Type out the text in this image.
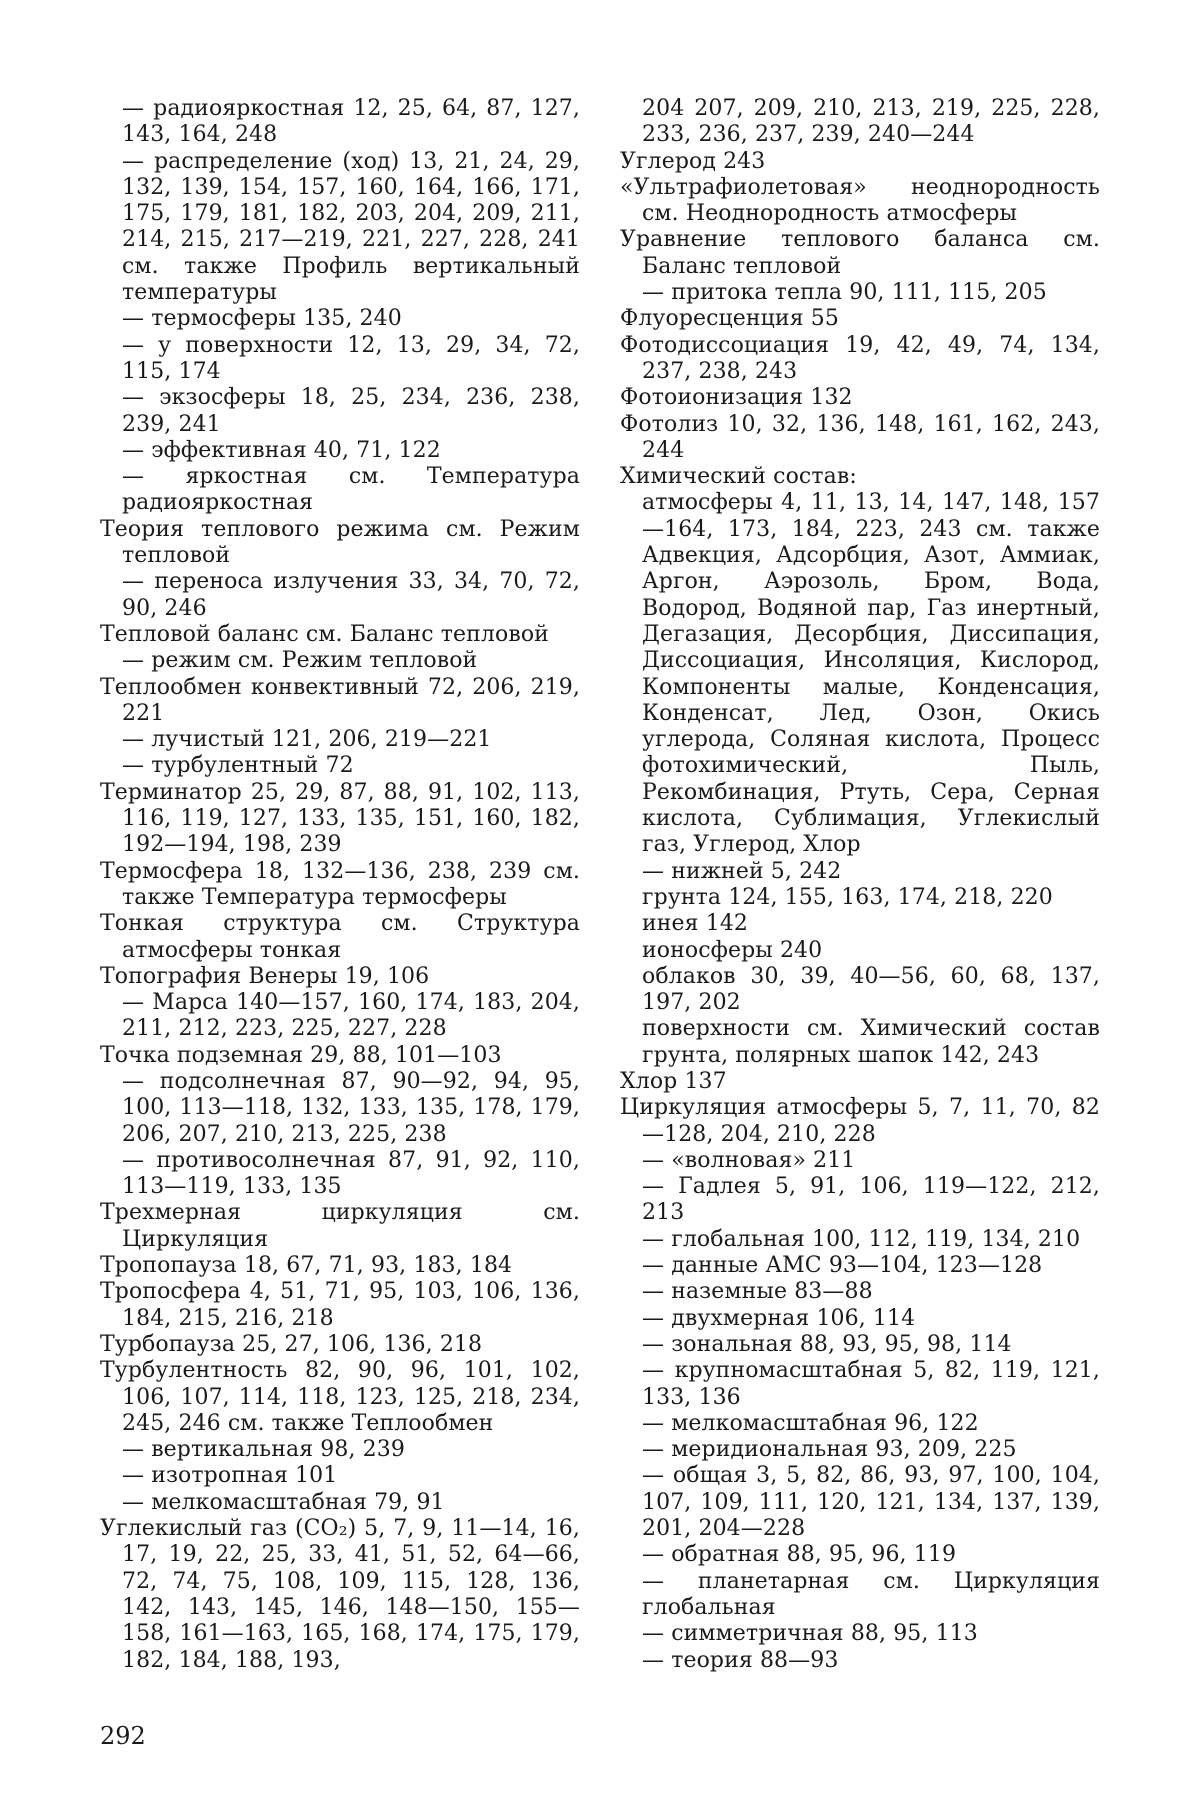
— радиояркостная 12, 25, 64, 87, 127, 143, 164, 248
— распределение (ход) 13, 21, 24, 29, 132, 139, 154, 157, 160, 164, 166, 171, 175, 179, 181, 182, 203, 204, 209, 211, 214, 215, 217—219, 221, 227, 228, 241 см. также Профиль вертикальный температуры
— термосферы 135, 240
— у поверхности 12, 13, 29, 34, 72, 115, 174
— экзосферы 18, 25, 234, 236, 238, 239, 241
— эффективная 40, 71, 122
— яркостная см. Температура радиояркостная
Теория теплового режима см. Режим тепловой
— переноса излучения 33, 34, 70, 72, 90, 246
Тепловой баланс см. Баланс тепловой
— режим см. Режим тепловой
Теплообмен конвективный 72, 206, 219, 221
— лучистый 121, 206, 219—221
— турбулентный 72
Терминатор 25, 29, 87, 88, 91, 102, 113, 116, 119, 127, 133, 135, 151, 160, 182, 192—194, 198, 239
Термосфера 18, 132—136, 238, 239 см. также Температура термосферы
Тонкая структура см. Структура атмосферы тонкая
Топография Венеры 19, 106
— Марса 140—157, 160, 174, 183, 204, 211, 212, 223, 225, 227, 228
Точка подземная 29, 88, 101—103
— подсолнечная 87, 90—92, 94, 95, 100, 113—118, 132, 133, 135, 178, 179, 206, 207, 210, 213, 225, 238
— противосолнечная 87, 91, 92, 110, 113—119, 133, 135
Трехмерная циркуляция см. Циркуляция
Тропопауза 18, 67, 71, 93, 183, 184
Тропосфера 4, 51, 71, 95, 103, 106, 136, 184, 215, 216, 218
Турбопауза 25, 27, 106, 136, 218
Турбулентность 82, 90, 96, 101, 102, 106, 107, 114, 118, 123, 125, 218, 234, 245, 246 см. также Теплообмен
— вертикальная 98, 239
— изотропная 101
— мелкомасштабная 79, 91
Углекислый газ (CO₂) 5, 7, 9, 11—14, 16, 17, 19, 22, 25, 33, 41, 51, 52, 64—66, 72, 74, 75, 108, 109, 115, 128, 136, 142, 143, 145, 146, 148—150, 155—158, 161—163, 165, 168, 174, 175, 179, 182, 184, 188, 193,
204 207, 209, 210, 213, 219, 225, 228, 233, 236, 237, 239, 240—244
Углерод 243
«Ультрафиолетовая» неоднородность см. Неоднородность атмосферы
Уравнение теплового баланса см. Баланс тепловой
— притока тепла 90, 111, 115, 205
Флуоресценция 55
Фотодиссоциация 19, 42, 49, 74, 134, 237, 238, 243
Фотоионизация 132
Фотолиз 10, 32, 136, 148, 161, 162, 243, 244
Химический состав:
атмосферы 4, 11, 13, 14, 147, 148, 157—164, 173, 184, 223, 243 см. также Адвекция, Адсорбция, Азот, Аммиак, Аргон, Аэрозоль, Бром, Вода, Водород, Водяной пар, Газ инертный, Дегазация, Десорбция, Диссипация, Диссоциация, Инсоляция, Кислород, Компоненты малые, Конденсация, Конденсат, Лед, Озон, Окись углерода, Соляная кислота, Процесс фотохимический, Пыль, Рекомбинация, Ртуть, Сера, Серная кислота, Сублимация, Углекислый газ, Углерод, Хлор
— нижней 5, 242
грунта 124, 155, 163, 174, 218, 220
инея 142
ионосферы 240
облаков 30, 39, 40—56, 60, 68, 137, 197, 202
поверхности см. Химический состав грунта, полярных шапок 142, 243
Хлор 137
Циркуляция атмосферы 5, 7, 11, 70, 82—128, 204, 210, 228
— «волновая» 211
— Гадлея 5, 91, 106, 119—122, 212, 213
— глобальная 100, 112, 119, 134, 210
— данные АМС 93—104, 123—128
— наземные 83—88
— двухмерная 106, 114
— зональная 88, 93, 95, 98, 114
— крупномасштабная 5, 82, 119, 121, 133, 136
— мелкомасштабная 96, 122
— меридиональная 93, 209, 225
— общая 3, 5, 82, 86, 93, 97, 100, 104, 107, 109, 111, 120, 121, 134, 137, 139, 201, 204—228
— обратная 88, 95, 96, 119
— планетарная см. Циркуляция глобальная
— симметричная 88, 95, 113
— теория 88—93
292
